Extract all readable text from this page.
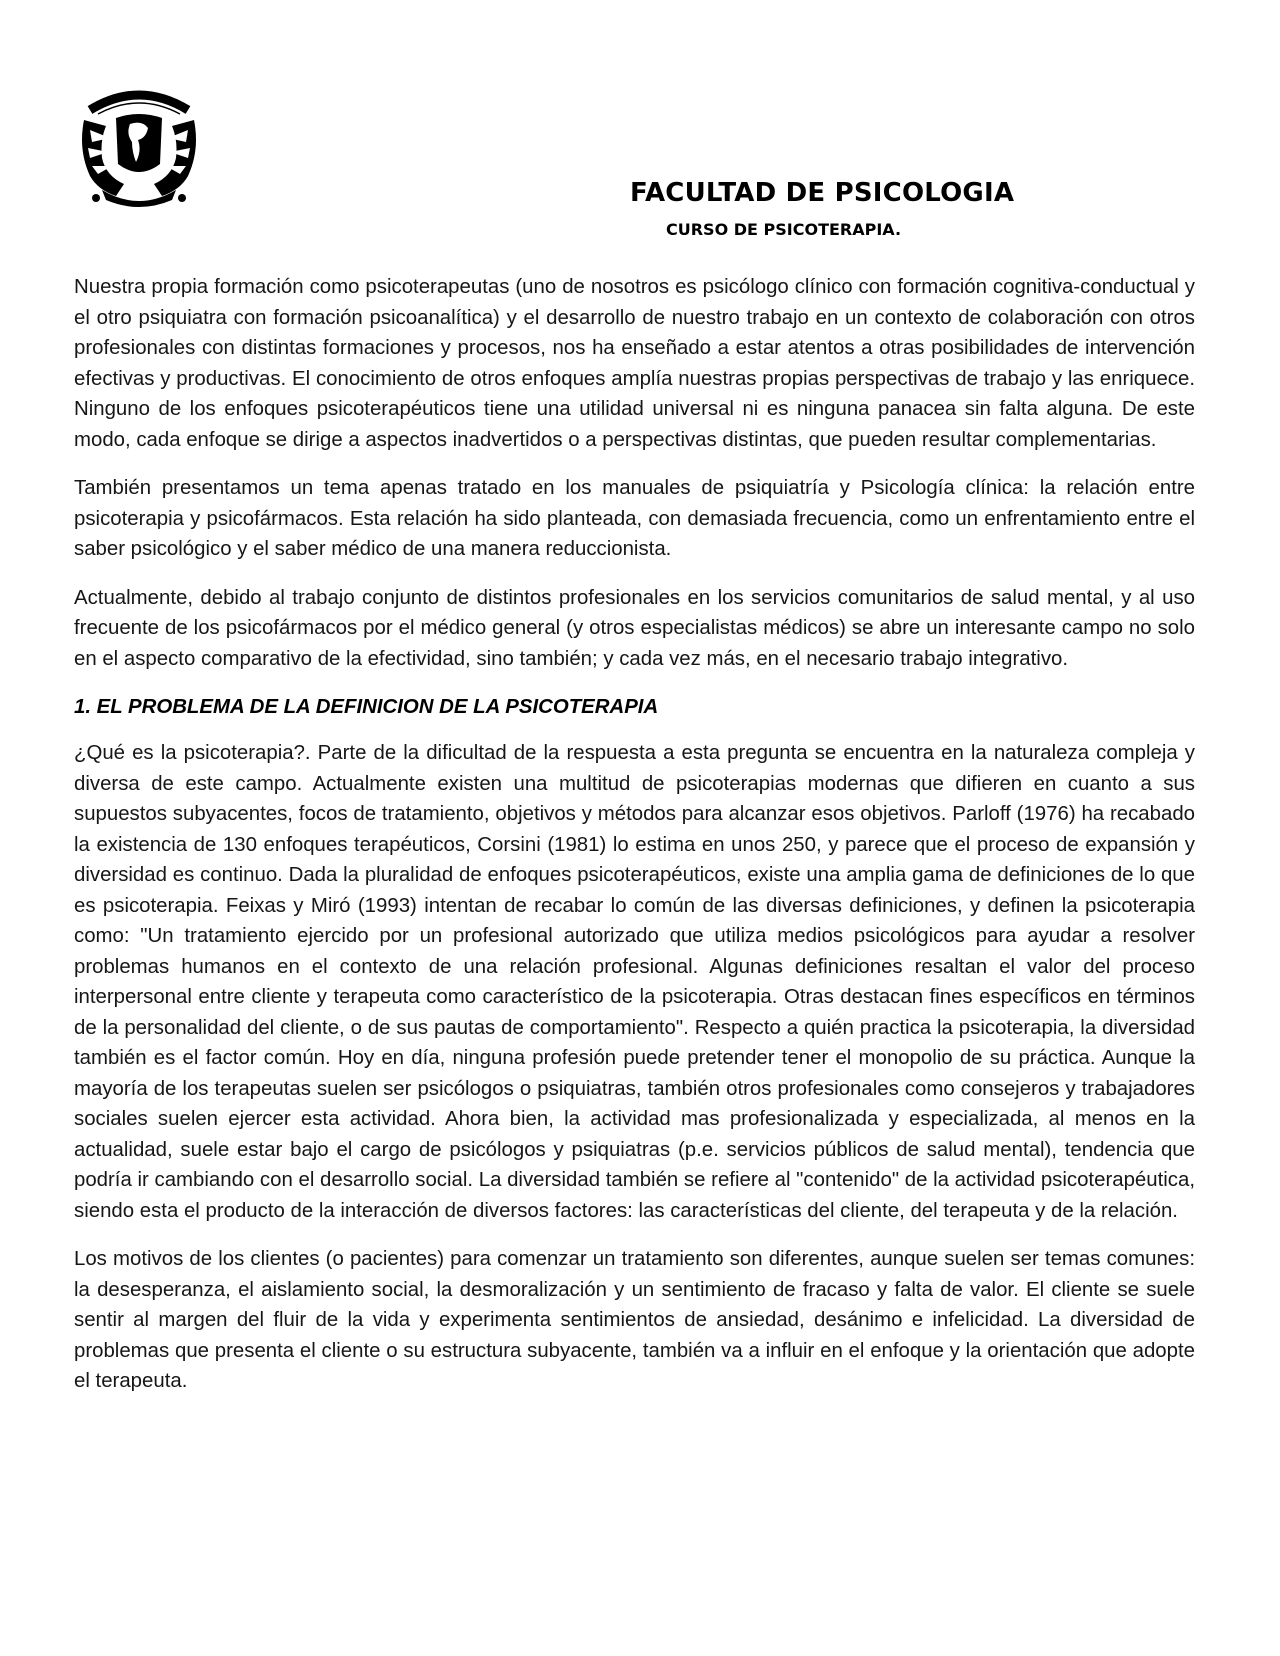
FACULTAD DE PSICOLOGIA
CURSO DE PSICOTERAPIA.

Nuestra propia formación como psicoterapeutas (uno de nosotros es psicólogo clínico con formación cognitiva-conductual y el otro psiquiatra con formación psicoanalítica) y el desarrollo de nuestro trabajo en un contexto de colaboración con otros profesionales con distintas formaciones y procesos, nos ha enseñado a estar atentos a otras posibilidades de intervención efectivas y productivas. El conocimiento de otros enfoques amplía nuestras propias perspectivas de trabajo y las enriquece. Ninguno de los enfoques psicoterapéuticos tiene una utilidad universal ni es ninguna panacea sin falta alguna. De este modo, cada enfoque se dirige a aspectos inadvertidos o a perspectivas distintas, que pueden resultar complementarias.

También presentamos un tema apenas tratado en los manuales de psiquiatría y Psicología clínica: la relación entre psicoterapia y psicofármacos. Esta relación ha sido planteada, con demasiada frecuencia, como un enfrentamiento entre el saber psicológico y el saber médico de una manera reduccionista.

Actualmente, debido al trabajo conjunto de distintos profesionales en los servicios comunitarios de salud mental, y al uso frecuente de los psicofármacos por el médico general (y otros especialistas médicos) se abre un interesante campo no solo en el aspecto comparativo de la efectividad, sino también; y cada vez más, en el necesario trabajo integrativo.

1. EL PROBLEMA DE LA DEFINICION DE LA PSICOTERAPIA

¿Qué es la psicoterapia?. Parte de la dificultad de la respuesta a esta pregunta se encuentra en la naturaleza compleja y diversa de este campo. Actualmente existen una multitud de psicoterapias modernas que difieren en cuanto a sus supuestos subyacentes, focos de tratamiento, objetivos y métodos para alcanzar esos objetivos. Parloff (1976) ha recabado la existencia de 130 enfoques terapéuticos, Corsini (1981) lo estima en unos 250, y parece que el proceso de expansión y diversidad es continuo. Dada la pluralidad de enfoques psicoterapéuticos, existe una amplia gama de definiciones de lo que es psicoterapia. Feixas y Miró (1993) intentan de recabar lo común de las diversas definiciones, y definen la psicoterapia como: "Un tratamiento ejercido por un profesional autorizado que utiliza medios psicológicos para ayudar a resolver problemas humanos en el contexto de una relación profesional. Algunas definiciones resaltan el valor del proceso interpersonal entre cliente y terapeuta como característico de la psicoterapia. Otras destacan fines específicos en términos de la personalidad del cliente, o de sus pautas de comportamiento". Respecto a quién practica la psicoterapia, la diversidad también es el factor común. Hoy en día, ninguna profesión puede pretender tener el monopolio de su práctica. Aunque la mayoría de los terapeutas suelen ser psicólogos o psiquiatras, también otros profesionales como consejeros y trabajadores sociales suelen ejercer esta actividad. Ahora bien, la actividad mas profesionalizada y especializada, al menos en la actualidad, suele estar bajo el cargo de psicólogos y psiquiatras (p.e. servicios públicos de salud mental), tendencia que podría ir cambiando con el desarrollo social. La diversidad también se refiere al "contenido" de la actividad psicoterapéutica, siendo esta el producto de la interacción de diversos factores: las características del cliente, del terapeuta y de la relación.

Los motivos de los clientes (o pacientes) para comenzar un tratamiento son diferentes, aunque suelen ser temas comunes: la desesperanza, el aislamiento social, la desmoralización y un sentimiento de fracaso y falta de valor. El cliente se suele sentir al margen del fluir de la vida y experimenta sentimientos de ansiedad, desánimo e infelicidad. La diversidad de problemas que presenta el cliente o su estructura subyacente, también va a influir en el enfoque y la orientación que adopte el terapeuta.
